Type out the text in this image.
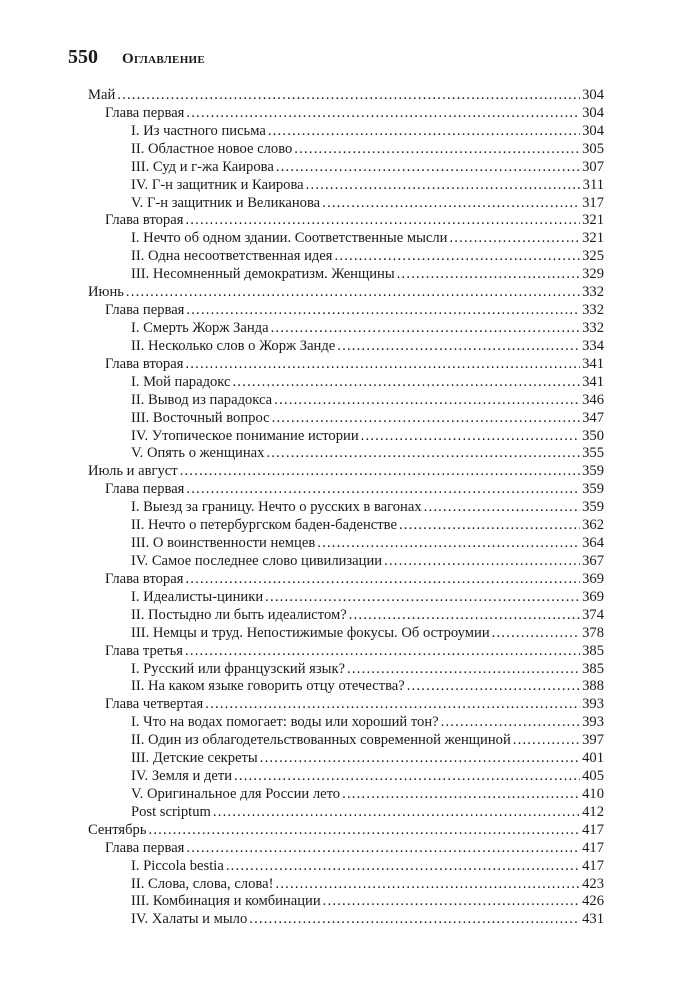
550 Оглавление
Май .....	304
Глава первая .....	304
I. Из частного письма .....	304
II. Областное новое слово .....	305
III. Суд и г-жа Каирова .....	307
IV. Г-н защитник и Каирова .....	311
V. Г-н защитник и Великанова .....	317
Глава вторая .....	321
I. Нечто об одном здании. Соответственные мысли .....	321
II. Одна несоответственная идея .....	325
III. Несомненный демократизм. Женщины .....	329
Июнь .....	332
Глава первая .....	332
I. Смерть Жорж Занда .....	332
II. Несколько слов о Жорж Занде .....	334
Глава вторая .....	341
I. Мой парадокс .....	341
II. Вывод из парадокса .....	346
III. Восточный вопрос .....	347
IV. Утопическое понимание истории .....	350
V. Опять о женщинах .....	355
Июль и август .....	359
Глава первая .....	359
I. Выезд за границу. Нечто о русских в вагонах .....	359
II. Нечто о петербургском баден-баденстве .....	362
III. О воинственности немцев .....	364
IV. Самое последнее слово цивилизации .....	367
Глава вторая .....	369
I. Идеалисты-циники .....	369
II. Постыдно ли быть идеалистом? .....	374
III. Немцы и труд. Непостижимые фокусы. Об остроумии .....	378
Глава третья .....	385
I. Русский или французский язык? .....	385
II. На каком языке говорить отцу отечества? .....	388
Глава четвертая .....	393
I. Что на водах помогает: воды или хороший тон? .....	393
II. Один из облагодетельствованных современной женщиной .....	397
III. Детские секреты .....	401
IV. Земля и дети .....	405
V. Оригинальное для России лето .....	410
Post scriptum .....	412
Сентябрь .....	417
Глава первая .....	417
I. Piccola bestia .....	417
II. Слова, слова, слова! .....	423
III. Комбинация и комбинации .....	426
IV. Халаты и мыло .....	431
